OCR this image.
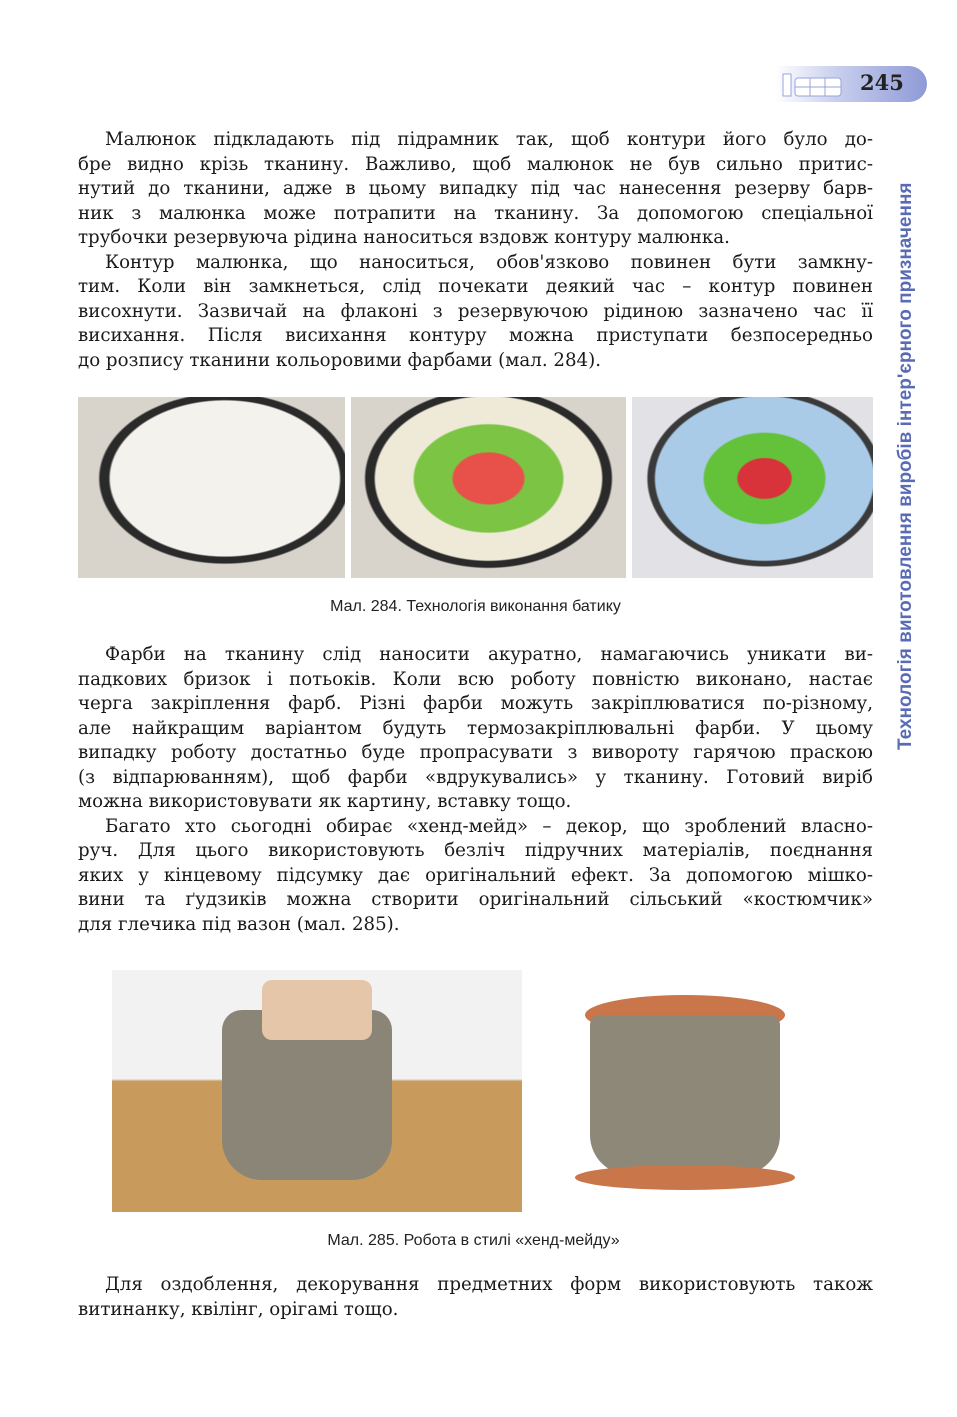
245
Технологія виготовлення виробів інтер'єрного призначення
Малюнок підкладають під підрамник так, щоб контури його було до-
бре видно крізь тканину. Важливо, щоб малюнок не був сильно притис-
нутий до тканини, адже в цьому випадку під час нанесення резерву барв-
ник з малюнка може потрапити на тканину. За допомогою спеціальної
трубочки резервуюча рідина наноситься вздовж контуру малюнка.
Контур малюнка, що наноситься, обов'язково повинен бути замкну-
тим. Коли він замкнеться, слід почекати деякий час – контур повинен
висохнути. Зазвичай на флаконі з резервуючою рідиною зазначено час її
висихання. Після висихання контуру можна приступати безпосередньо
до розпису тканини кольоровими фарбами (мал. 284).
Мал. 284. Технологія виконання батику
Фарби на тканину слід наносити акуратно, намагаючись уникати ви-
падкових бризок і потьоків. Коли всю роботу повністю виконано, настає
черга закріплення фарб. Різні фарби можуть закріплюватися по-різному,
але найкращим варіантом будуть термозакріплювальні фарби. У цьому
випадку роботу достатньо буде пропрасувати з вивороту гарячою праскою
(з відпарюванням), щоб фарби «вдрукувались» у тканину. Готовий виріб
можна використовувати як картину, вставку тощо.
Багато хто сьогодні обирає «хенд-мейд» – декор, що зроблений власно-
руч. Для цього використовують безліч підручних матеріалів, поєднання
яких у кінцевому підсумку дає оригінальний ефект. За допомогою мішко-
вини та ґудзиків можна створити оригінальний сільський «костюмчик»
для глечика під вазон (мал. 285).
Мал. 285. Робота в стилі «хенд-мейду»
Для оздоблення, декорування предметних форм використовують також
витинанку, квілінг, орігамі тощо.
